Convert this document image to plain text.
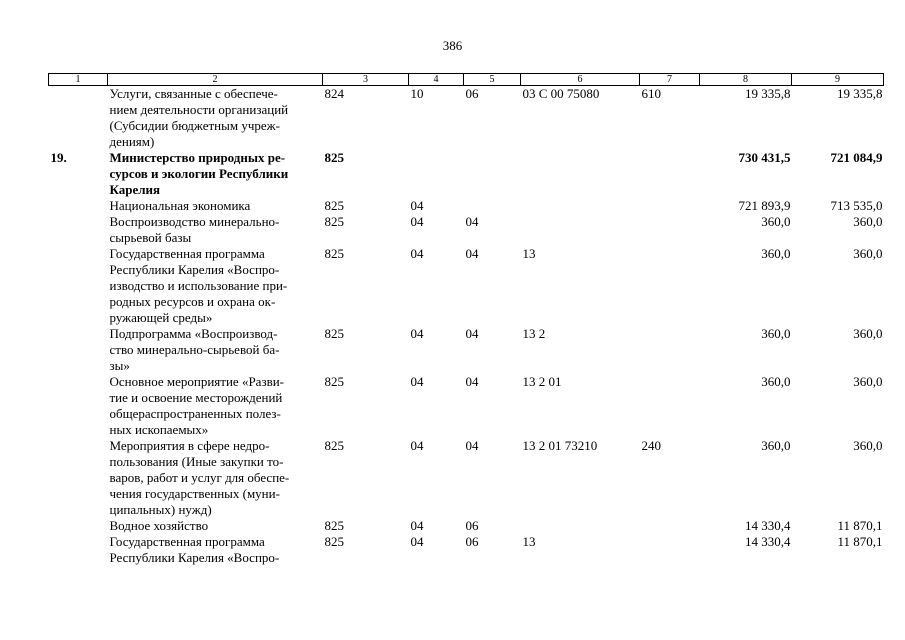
386
1	2	3	4	5	6	7	8	9

	Услуги, связанные с обеспече-
нием деятельности организаций
(Субсидии бюджетным учреж-
дениям)	824	10	06	03 С 00 75080	610	19 335,8	19 335,8
19.	Министерство природных ре-
сурсов и экологии Республики
Карелия	825					730 431,5	721 084,9

	Национальная экономика	825	04				721 893,9	713 535,0

	Воспроизводство минерально-
сырьевой базы	825	04	04			360,0	360,0

	Государственная программа
Республики Карелия «Воспро-
изводство и использование при-
родных ресурсов и охрана ок-
ружающей среды»	825	04	04	13		360,0	360,0

	Подпрограмма «Воспроизвод-
ство минерально-сырьевой ба-
зы»	825	04	04	13 2		360,0	360,0

	Основное мероприятие «Разви-
тие и освоение месторождений
общераспространенных полез-
ных ископаемых»	825	04	04	13 2 01		360,0	360,0

	Мероприятия в сфере недро-
пользования (Иные закупки то-
варов, работ и услуг для обеспе-
чения государственных (муни-
ципальных) нужд)	825	04	04	13 2 01 73210	240	360,0	360,0

	Водное хозяйство	825	04	06			14 330,4	11 870,1

	Государственная программа
Республики Карелия «Воспро-	825	04	06	13		14 330,4	11 870,1
